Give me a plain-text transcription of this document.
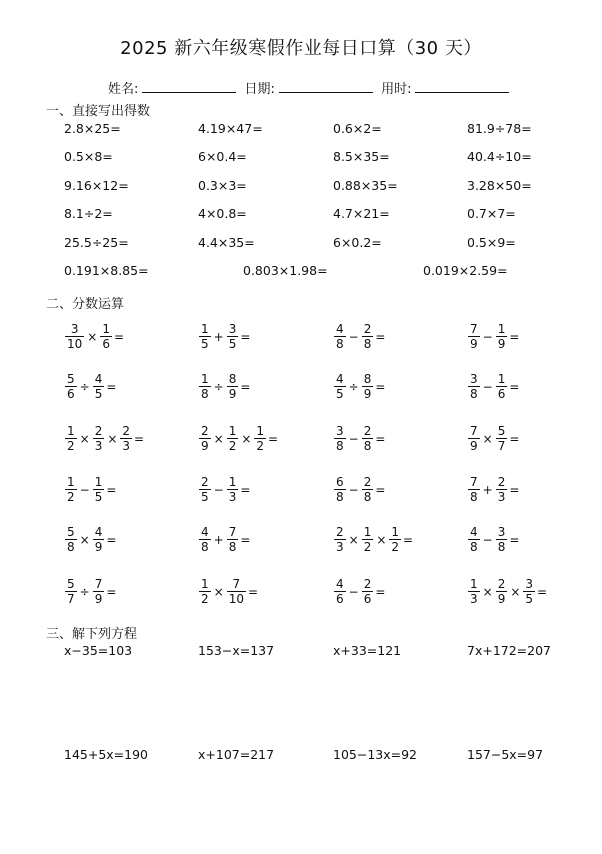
2025 新六年级寒假作业每日口算（30 天）
姓名:	日期:	用时:
一、直接写出得数
二、分数运算
三、解下列方程
2.8×25=	4.19×47=	0.6×2=	81.9÷78=
0.5×8=	6×0.4=	8.5×35=	40.4÷10=
9.16×12=	0.3×3=	0.88×35=	3.28×50=
8.1÷2=	4×0.8=	4.7×21=	0.7×7=
25.5÷25=	4.4×35=	6×0.2=	0.5×9=
0.191×8.85=	0.803×1.98=	0.019×2.59=
$\frac{3}{10} \times \frac{1}{6}$ =	$\frac{1}{5} + \frac{3}{5}$ =	$\frac{4}{8} - \frac{2}{8}$ =	$\frac{7}{9} - \frac{1}{9}$ =
$\frac{5}{6} \div \frac{4}{5}$ =	$\frac{1}{8} \div \frac{8}{9}$ =	$\frac{4}{5} \div \frac{8}{9}$ =	$\frac{3}{8} - \frac{1}{6}$ =
$\frac{1}{2} \times \frac{2}{3} \times \frac{2}{3}$ =	$\frac{2}{9} \times \frac{1}{2} \times \frac{1}{2}$ =	$\frac{3}{8} - \frac{2}{8}$ =	$\frac{7}{9} \times \frac{5}{7}$ =
$\frac{1}{2} - \frac{1}{5}$ =	$\frac{2}{5} - \frac{1}{3}$ =	$\frac{6}{8} - \frac{2}{8}$ =	$\frac{7}{8} + \frac{2}{3}$ =
$\frac{5}{8} \times \frac{4}{9}$ =	$\frac{4}{8} + \frac{7}{8}$ =	$\frac{2}{3} \times \frac{1}{2} \times \frac{1}{2}$ =	$\frac{4}{8} - \frac{3}{8}$ =
$\frac{5}{7} \div \frac{7}{9}$ =	$\frac{1}{2} \times \frac{7}{10}$ =	$\frac{4}{6} - \frac{2}{6}$ =	$\frac{1}{3} \times \frac{2}{9} \times \frac{3}{5}$ =
x−35=103	153−x=137	x+33=121	7x+172=207
145+5x=190	x+107=217	105−13x=92	157−5x=97
